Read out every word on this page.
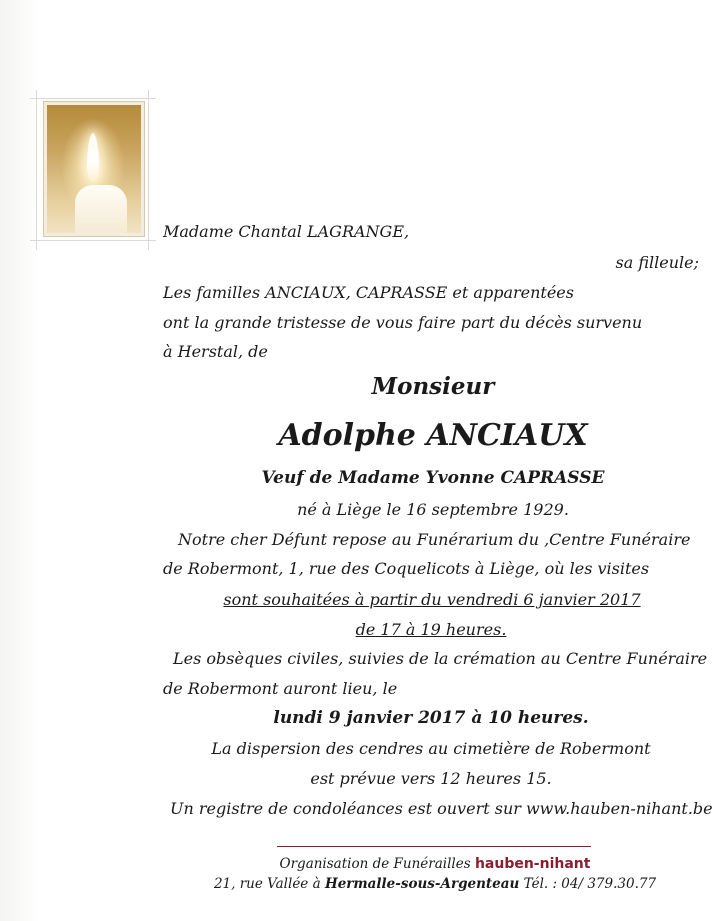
Madame Chantal LAGRANGE,
sa filleule;
Les familles ANCIAUX, CAPRASSE et apparentées
ont la grande tristesse de vous faire part du décès survenu
à Herstal, de
Monsieur
Adolphe ANCIAUX
Veuf de Madame Yvonne CAPRASSE
né à Liège le 16 septembre 1929.
Notre cher Défunt repose au Funérarium du ,Centre Funéraire
de Robermont, 1, rue des Coquelicots à Liège, où les visites
sont souhaitées à partir du vendredi 6 janvier 2017
de 17 à 19 heures.
Les obsèques civiles, suivies de la crémation au Centre Funéraire
de Robermont auront lieu, le
lundi 9 janvier 2017 à 10 heures.
La dispersion des cendres au cimetière de Robermont
est prévue vers 12 heures 15.
Un registre de condoléances est ouvert sur www.hauben-nihant.be
Organisation de Funérailles hauben-nihant
21, rue Vallée à Hermalle-sous-Argenteau Tél. : 04/ 379.30.77
